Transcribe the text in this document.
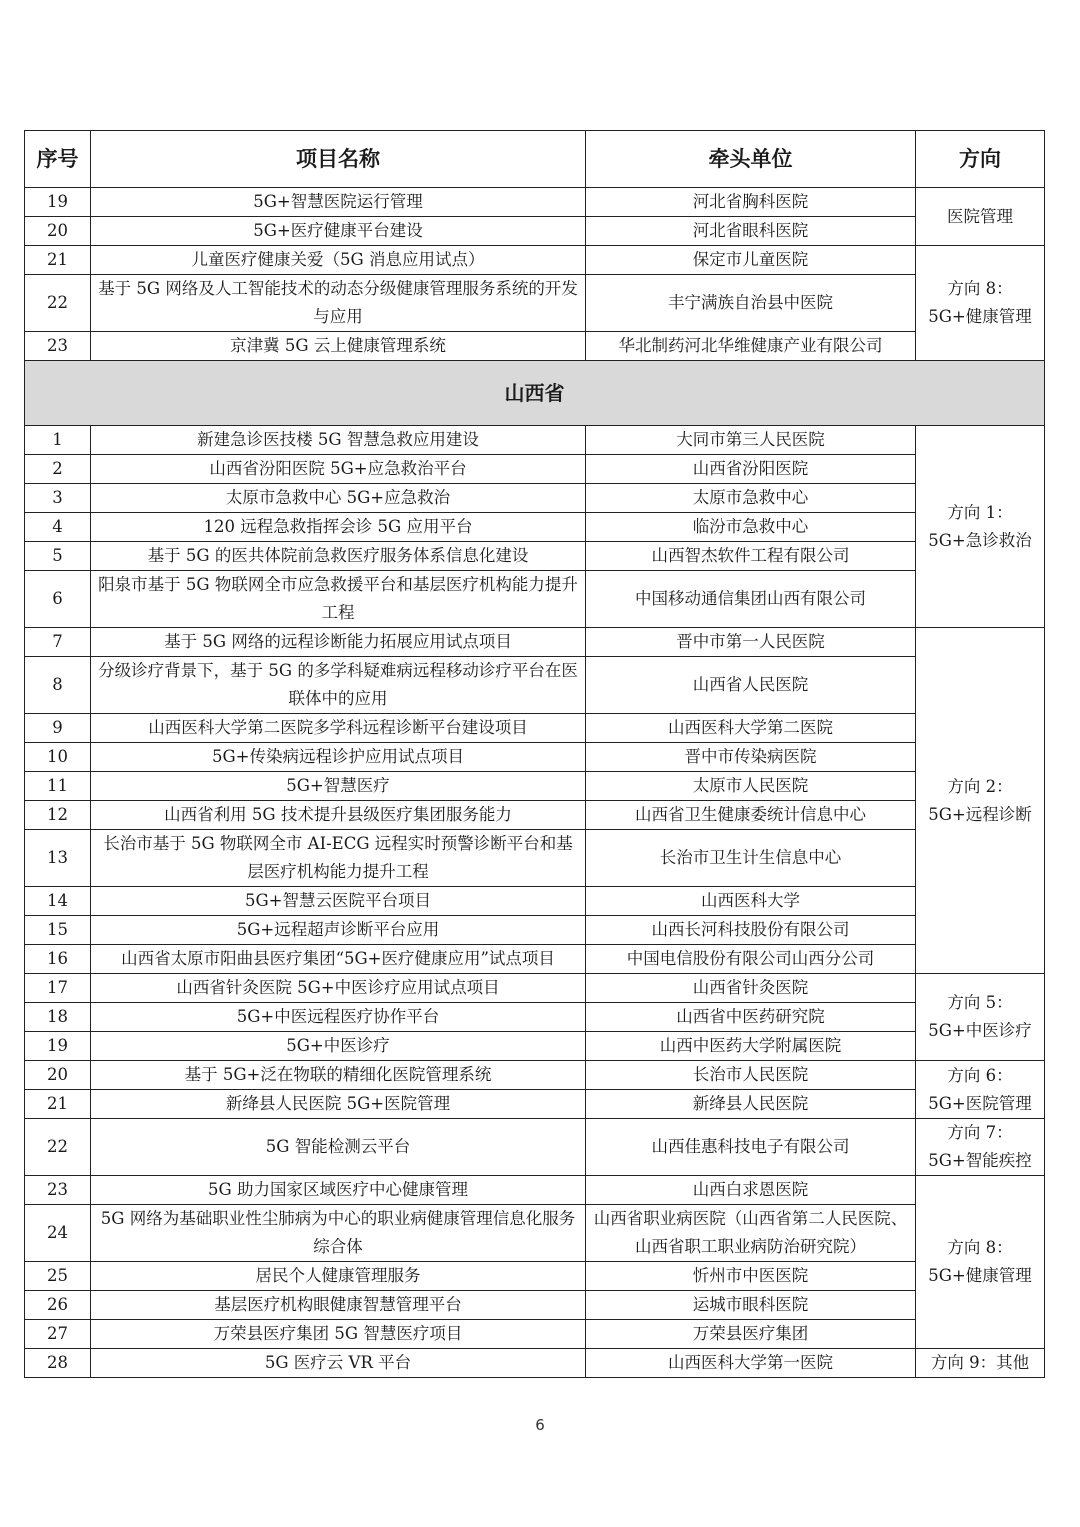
序号	项目名称	牵头单位	方向
19	5G+智慧医院运行管理	河北省胸科医院	医院管理
20	5G+医疗健康平台建设	河北省眼科医院	
21	儿童医疗健康关爱（5G 消息应用试点）	保定市儿童医院	方向 8：5G+健康管理
22	基于 5G 网络及人工智能技术的动态分级健康管理服务系统的开发与应用	丰宁满族自治县中医院	
23	京津冀 5G 云上健康管理系统	华北制药河北华维健康产业有限公司	
山西省			
1	新建急诊医技楼 5G 智慧急救应用建设	大同市第三人民医院	方向 1：5G+急诊救治
2	山西省汾阳医院 5G+应急救治平台	山西省汾阳医院	
3	太原市急救中心 5G+应急救治	太原市急救中心	
4	120 远程急救指挥会诊 5G 应用平台	临汾市急救中心	
5	基于 5G 的医共体院前急救医疗服务体系信息化建设	山西智杰软件工程有限公司	
6	阳泉市基于 5G 物联网全市应急救援平台和基层医疗机构能力提升工程	中国移动通信集团山西有限公司	
7	基于 5G 网络的远程诊断能力拓展应用试点项目	晋中市第一人民医院	方向 2：5G+远程诊断
8	分级诊疗背景下，基于 5G 的多学科疑难病远程移动诊疗平台在医联体中的应用	山西省人民医院	
9	山西医科大学第二医院多学科远程诊断平台建设项目	山西医科大学第二医院	
10	5G+传染病远程诊护应用试点项目	晋中市传染病医院	
11	5G+智慧医疗	太原市人民医院	
12	山西省利用 5G 技术提升县级医疗集团服务能力	山西省卫生健康委统计信息中心	
13	长治市基于 5G 物联网全市 AI-ECG 远程实时预警诊断平台和基层医疗机构能力提升工程	长治市卫生计生信息中心	
14	5G+智慧云医院平台项目	山西医科大学	
15	5G+远程超声诊断平台应用	山西长河科技股份有限公司	
16	山西省太原市阳曲县医疗集团“5G+医疗健康应用”试点项目	中国电信股份有限公司山西分公司	
17	山西省针灸医院 5G+中医诊疗应用试点项目	山西省针灸医院	方向 5：5G+中医诊疗
18	5G+中医远程医疗协作平台	山西省中医药研究院	
19	5G+中医诊疗	山西中医药大学附属医院	
20	基于 5G+泛在物联的精细化医院管理系统	长治市人民医院	方向 6：5G+医院管理
21	新绛县人民医院 5G+医院管理	新绛县人民医院	
22	5G 智能检测云平台	山西佳惠科技电子有限公司	方向 7：5G+智能疾控
23	5G 助力国家区域医疗中心健康管理	山西白求恩医院	方向 8：5G+健康管理
24	5G 网络为基础职业性尘肺病为中心的职业病健康管理信息化服务综合体	山西省职业病医院（山西省第二人民医院、山西省职工职业病防治研究院）	
25	居民个人健康管理服务	忻州市中医医院	
26	基层医疗机构眼健康智慧管理平台	运城市眼科医院	
27	万荣县医疗集团 5G 智慧医疗项目	万荣县医疗集团	
28	5G 医疗云 VR 平台	山西医科大学第一医院	方向 9：其他
6
